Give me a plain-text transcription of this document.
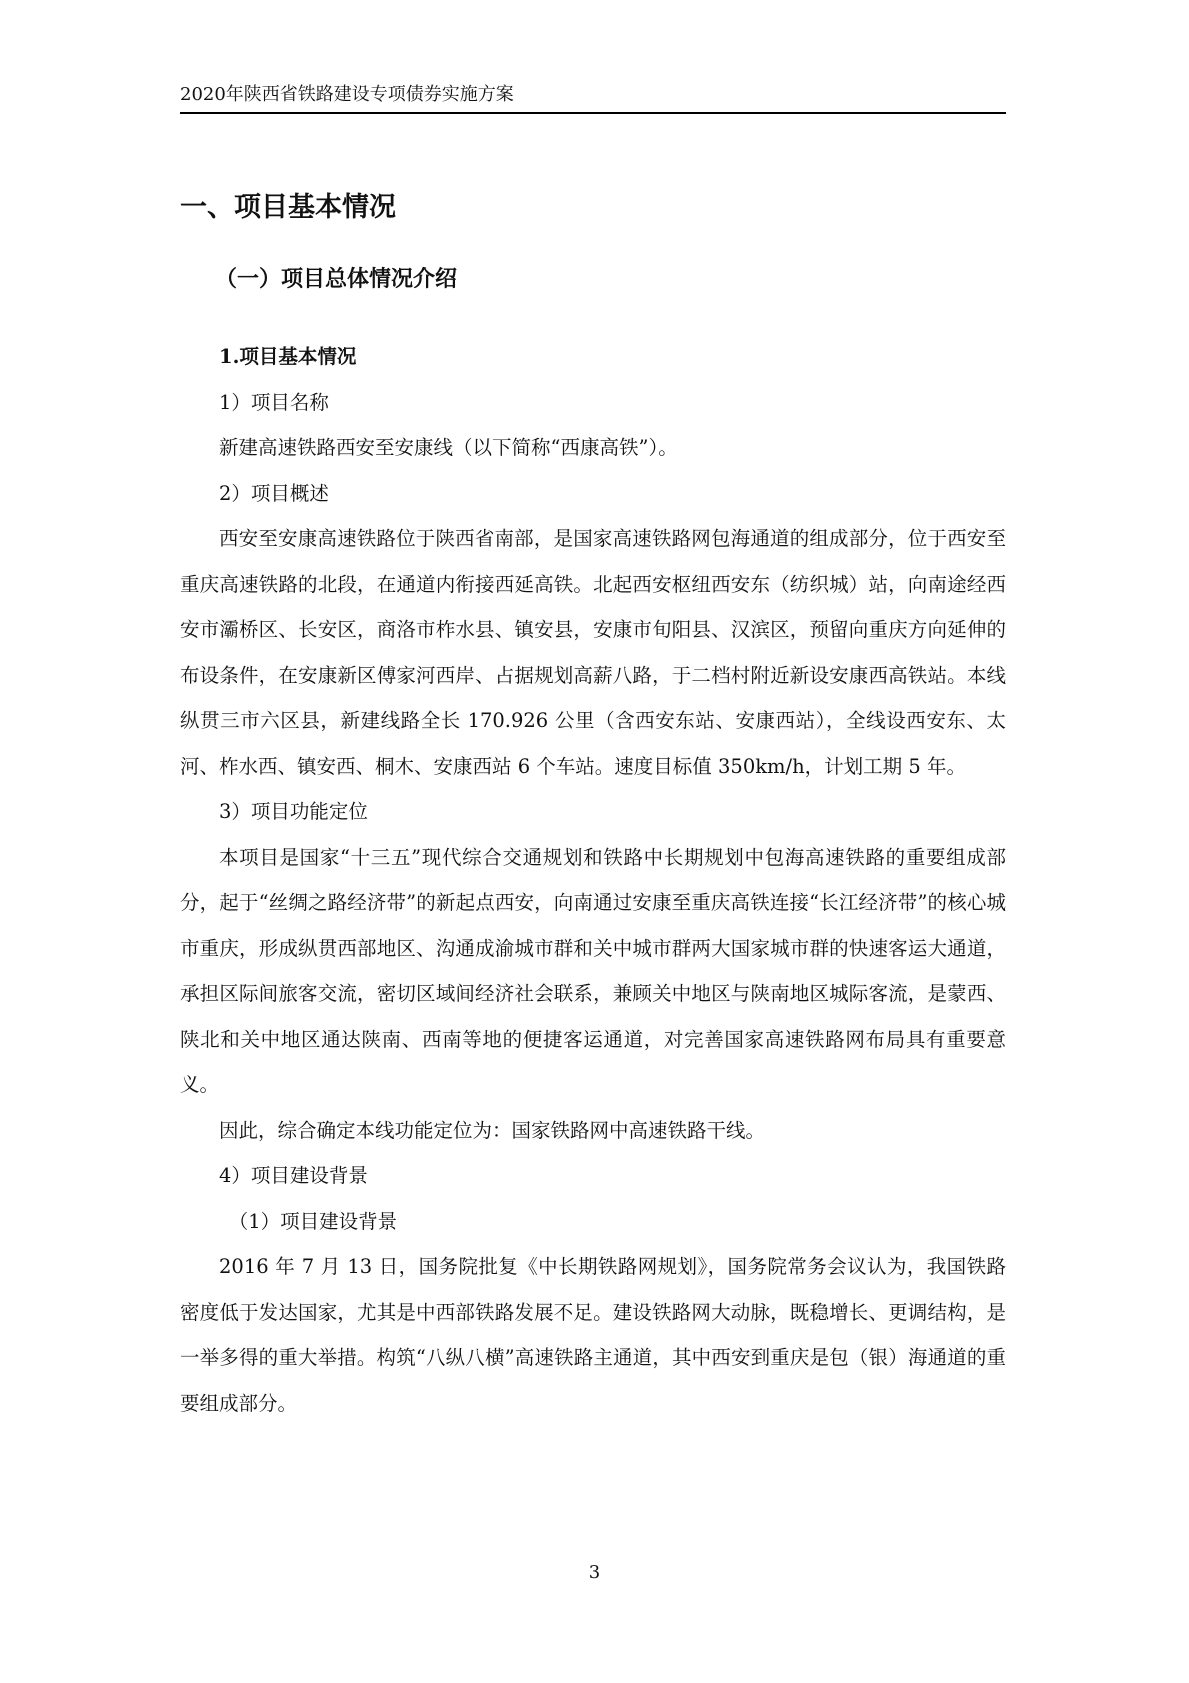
2020年陕西省铁路建设专项债券实施方案
一、项目基本情况
（一）项目总体情况介绍

1.项目基本情况

1）项目名称

新建高速铁路西安至安康线（以下简称“西康高铁”）。

2）项目概述

西安至安康高速铁路位于陕西省南部，是国家高速铁路网包海通道的组成部分，位于西安至重庆高速铁路的北段，在通道内衔接西延高铁。北起西安枢纽西安东（纺织城）站，向南途经西安市灞桥区、长安区，商洛市柞水县、镇安县，安康市旬阳县、汉滨区，预留向重庆方向延伸的布设条件，在安康新区傅家河西岸、占据规划高薪八路，于二档村附近新设安康西高铁站。本线纵贯三市六区县，新建线路全长 170.926 公里（含西安东站、安康西站），全线设西安东、太河、柞水西、镇安西、桐木、安康西站 6 个车站。速度目标值 350km/h，计划工期 5 年。

3）项目功能定位

本项目是国家“十三五”现代综合交通规划和铁路中长期规划中包海高速铁路的重要组成部分，起于“丝绸之路经济带”的新起点西安，向南通过安康至重庆高铁连接“长江经济带”的核心城市重庆，形成纵贯西部地区、沟通成渝城市群和关中城市群两大国家城市群的快速客运大通道，承担区际间旅客交流，密切区域间经济社会联系，兼顾关中地区与陕南地区城际客流，是蒙西、陕北和关中地区通达陕南、西南等地的便捷客运通道，对完善国家高速铁路网布局具有重要意义。

因此，综合确定本线功能定位为：国家铁路网中高速铁路干线。

4）项目建设背景

（1）项目建设背景

2016 年 7 月 13 日，国务院批复《中长期铁路网规划》，国务院常务会议认为，我国铁路密度低于发达国家，尤其是中西部铁路发展不足。建设铁路网大动脉，既稳增长、更调结构，是一举多得的重大举措。构筑“八纵八横”高速铁路主通道，其中西安到重庆是包（银）海通道的重要组成部分。

3
